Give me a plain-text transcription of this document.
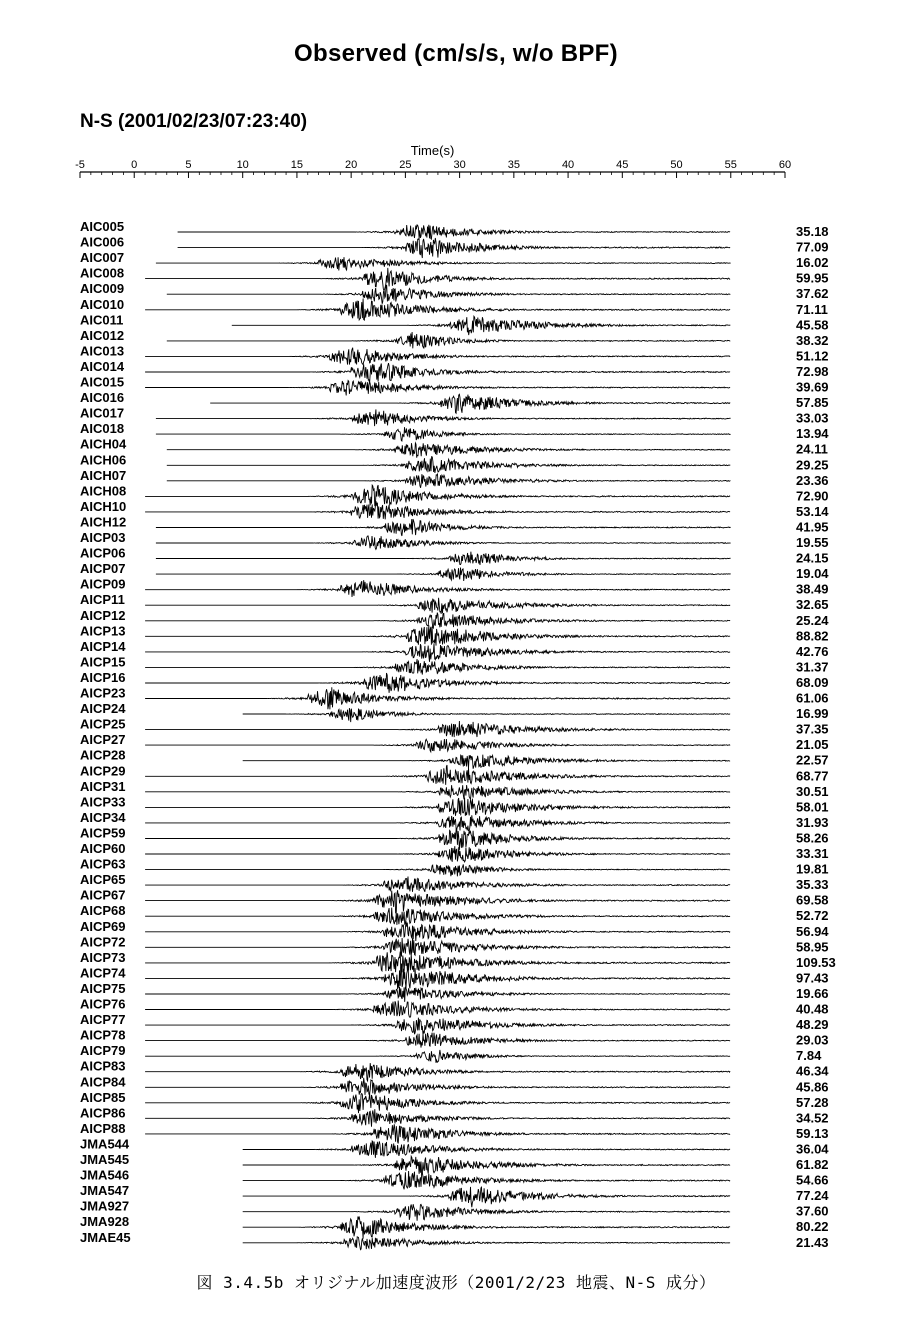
Observed (cm/s/s, w/o BPF)
N-S (2001/02/23/07:23:40)
Time(s)
-5	0	5	10	15	20	25	30	35	40	45	50	55	60
AIC005	35.18
AIC006	77.09
AIC007	16.02
AIC008	59.95
AIC009	37.62
AIC010	71.11
AIC011	45.58
AIC012	38.32
AIC013	51.12
AIC014	72.98
AIC015	39.69
AIC016	57.85
AIC017	33.03
AIC018	13.94
AICH04	24.11
AICH06	29.25
AICH07	23.36
AICH08	72.90
AICH10	53.14
AICH12	41.95
AICP03	19.55
AICP06	24.15
AICP07	19.04
AICP09	38.49
AICP11	32.65
AICP12	25.24
AICP13	88.82
AICP14	42.76
AICP15	31.37
AICP16	68.09
AICP23	61.06
AICP24	16.99
AICP25	37.35
AICP27	21.05
AICP28	22.57
AICP29	68.77
AICP31	30.51
AICP33	58.01
AICP34	31.93
AICP59	58.26
AICP60	33.31
AICP63	19.81
AICP65	35.33
AICP67	69.58
AICP68	52.72
AICP69	56.94
AICP72	58.95
AICP73	109.53
AICP74	97.43
AICP75	19.66
AICP76	40.48
AICP77	48.29
AICP78	29.03
AICP79	7.84
AICP83	46.34
AICP84	45.86
AICP85	57.28
AICP86	34.52
AICP88	59.13
JMA544	36.04
JMA545	61.82
JMA546	54.66
JMA547	77.24
JMA927	37.60
JMA928	80.22
JMAE45	21.43
図 3.4.5b オリジナル加速度波形（2001/2/23 地震、N-S 成分）
